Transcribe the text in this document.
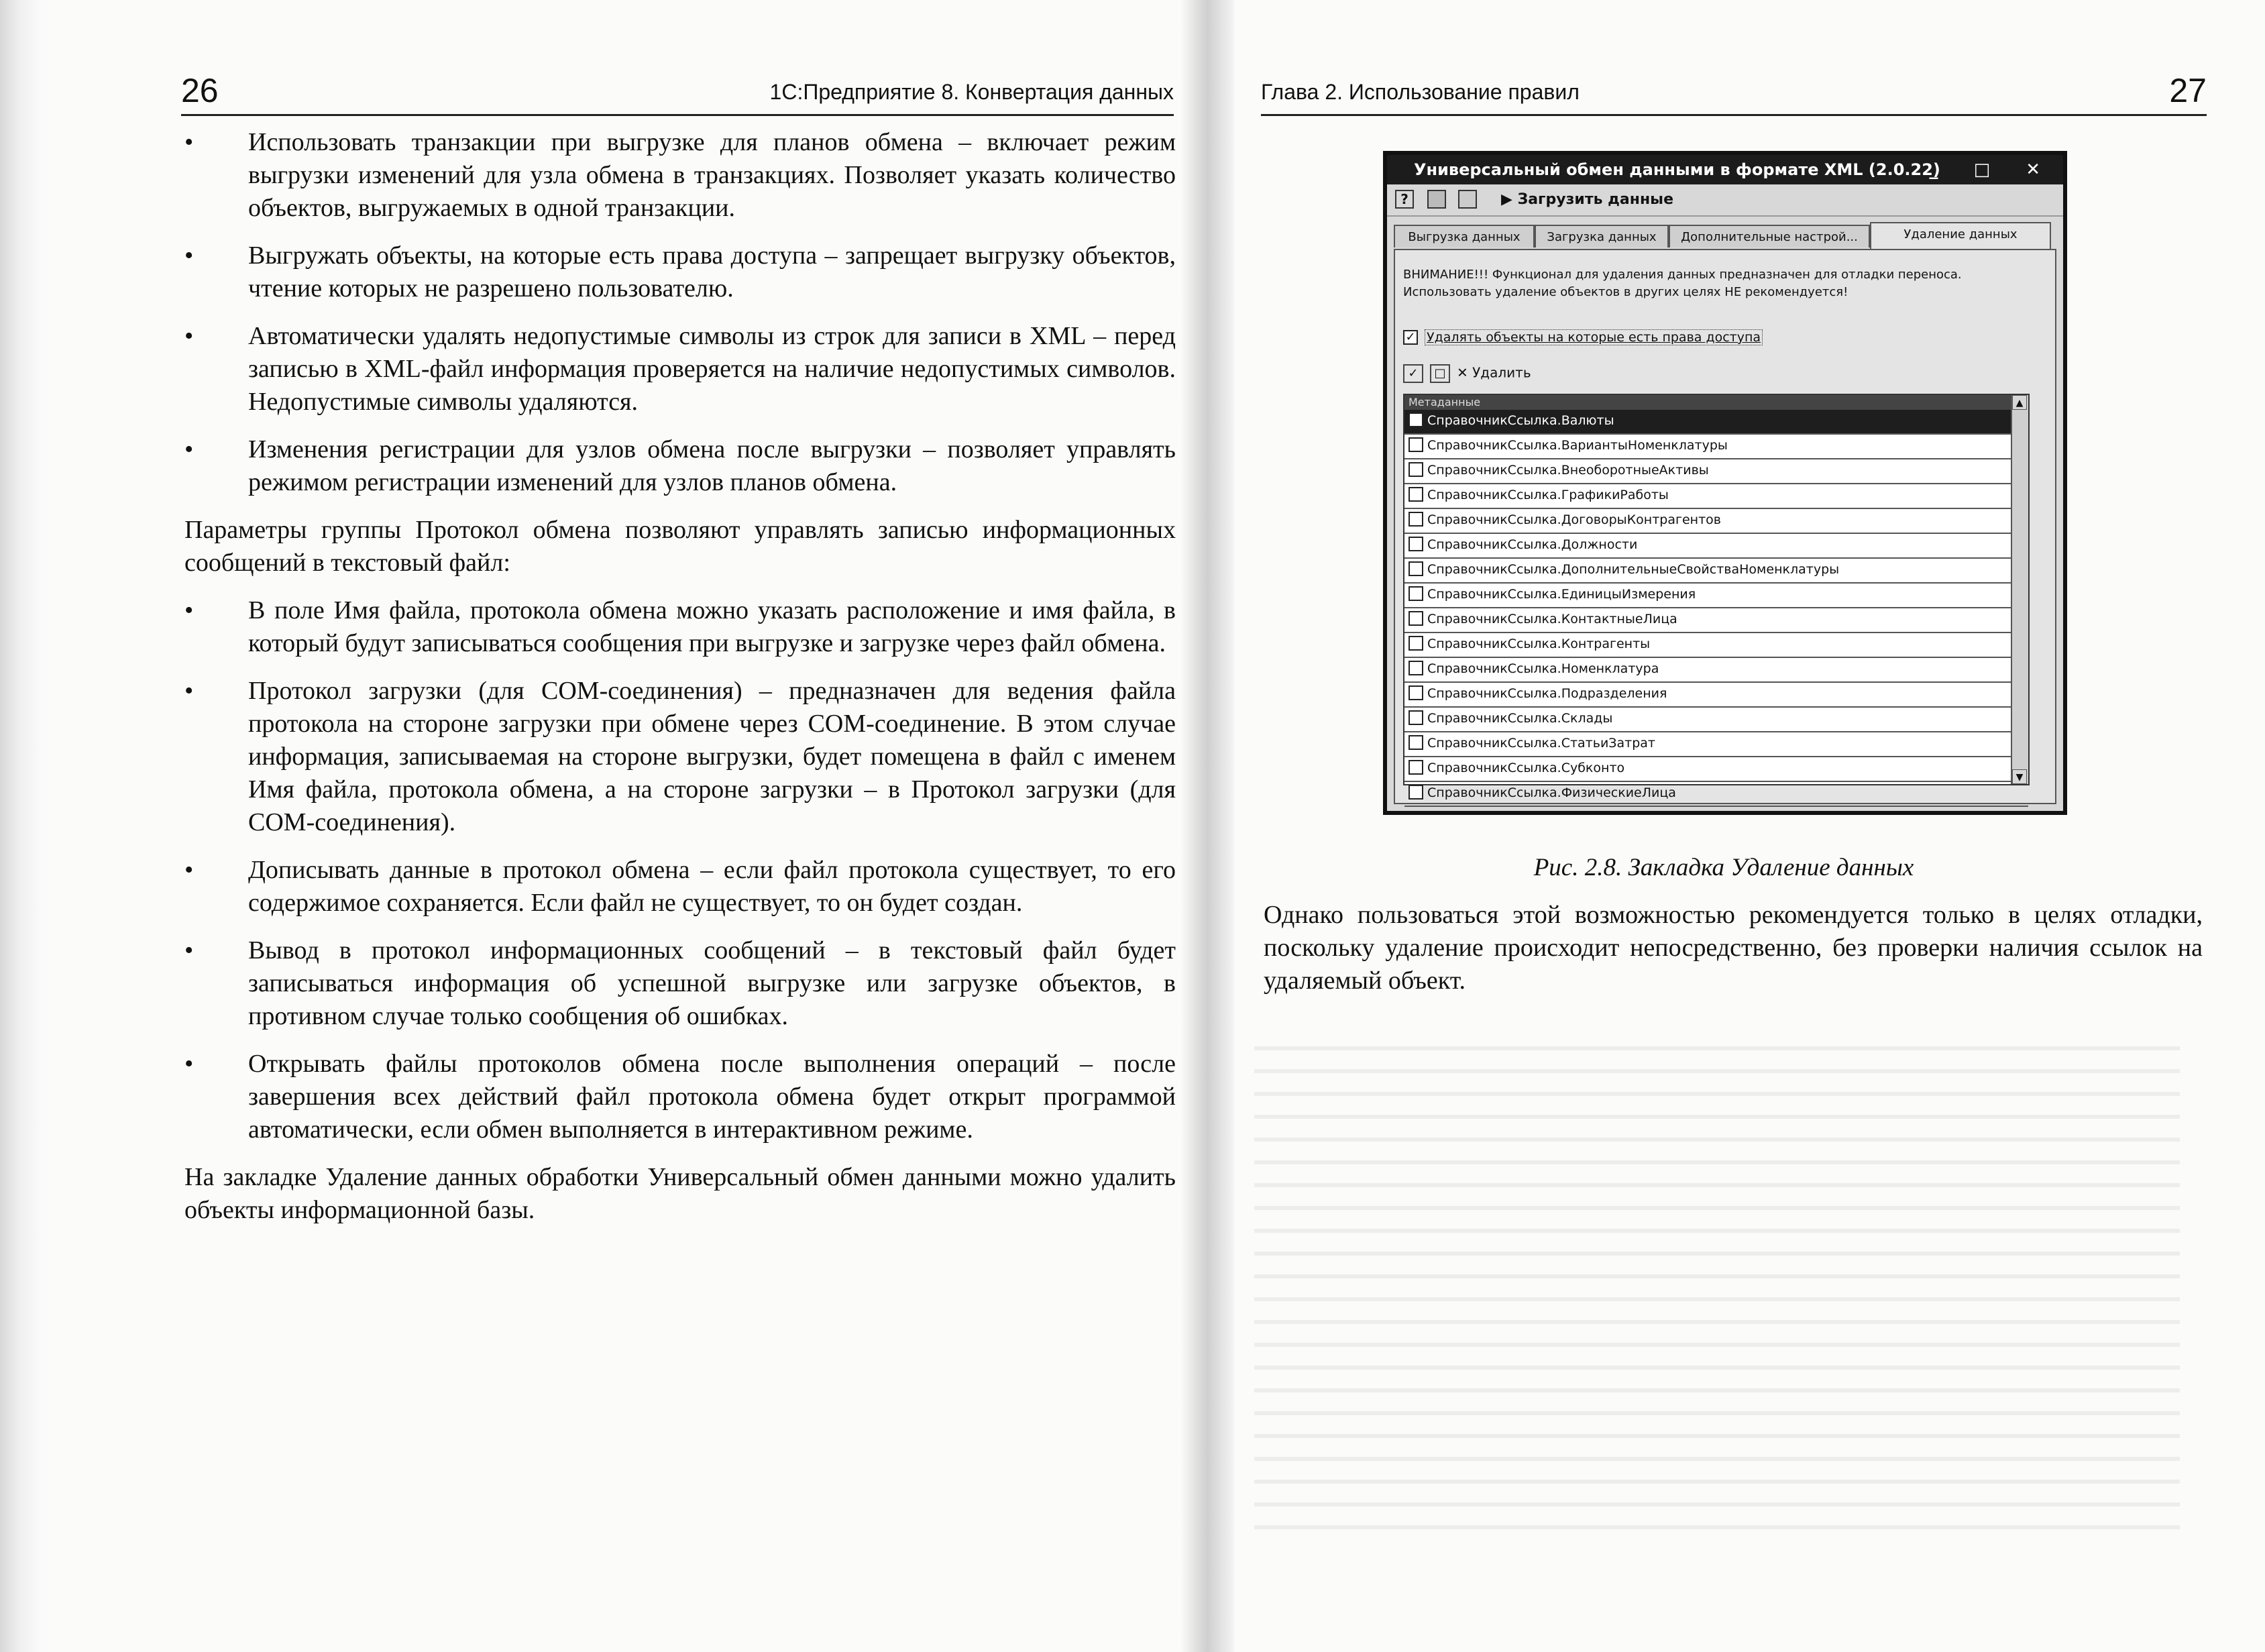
26	1С:Предприятие 8. Конвертация данных
• Использовать транзакции при выгрузке для планов обмена – включает режим выгрузки изменений для узла обмена в транзакциях. Позволяет указать количество объектов, выгружаемых в одной транзакции.
• Выгружать объекты, на которые есть права доступа – запрещает выгрузку объектов, чтение которых не разрешено пользователю.
• Автоматически удалять недопустимые символы из строк для записи в XML – перед записью в XML-файл информация проверяется на наличие недопустимых символов. Недопустимые символы удаляются.
• Изменения регистрации для узлов обмена после выгрузки – позволяет управлять режимом регистрации изменений для узлов планов обмена.

Параметры группы Протокол обмена позволяют управлять записью информационных сообщений в текстовый файл:

• В поле Имя файла, протокола обмена можно указать расположение и имя файла, в который будут записываться сообщения при выгрузке и загрузке через файл обмена.
• Протокол загрузки (для COM-соединения) – предназначен для ведения файла протокола на стороне загрузки при обмене через COM-соединение. В этом случае информация, записываемая на стороне выгрузки, будет помещена в файл с именем Имя файла, протокола обмена, а на стороне загрузки – в Протокол загрузки (для COM-соединения).
• Дописывать данные в протокол обмена – если файл протокола существует, то его содержимое сохраняется. Если файл не существует, то он будет создан.
• Вывод в протокол информационных сообщений – в текстовый файл будет записываться информация об успешной выгрузке или загрузке объектов, в противном случае только сообщения об ошибках.
• Открывать файлы протоколов обмена после выполнения операций – после завершения всех действий файл протокола обмена будет открыт программой автоматически, если обмен выполняется в интерактивном режиме.

На закладке Удаление данных обработки Универсальный обмен данными можно удалить объекты информационной базы.

Глава 2. Использование правил	27
Универсальный обмен данными в формате XML (2.0.22)
_ □ ✕
?	▶ Загрузить данные
Выгрузка данных	Загрузка данных	Дополнительные настрой...	Удаление данных
ВНИМАНИЕ!!! Функционал для удаления данных предназначен для отладки переноса.
Использовать удаление объектов в других целях НЕ рекомендуется!
✓ Удалять объекты на которые есть права доступа
✓ □ ✕ Удалить
Метаданные
СправочникСсылка.Валюты
СправочникСсылка.ВариантыНоменклатуры
СправочникСсылка.ВнеоборотныеАктивы
СправочникСсылка.ГрафикиРаботы
СправочникСсылка.ДоговорыКонтрагентов
СправочникСсылка.Должности
СправочникСсылка.ДополнительныеСвойстваНоменклатуры
СправочникСсылка.ЕдиницыИзмерения
СправочникСсылка.КонтактныеЛица
СправочникСсылка.Контрагенты
СправочникСсылка.Номенклатура
СправочникСсылка.Подразделения
СправочникСсылка.Склады
СправочникСсылка.СтатьиЗатрат
СправочникСсылка.Субконто
СправочникСсылка.ФизическиеЛица
▲
▼
Рис. 2.8. Закладка Удаление данных

Однако пользоваться этой возможностью рекомендуется только в целях отладки, поскольку удаление происходит непосредственно, без проверки наличия ссылок на удаляемый объект.
